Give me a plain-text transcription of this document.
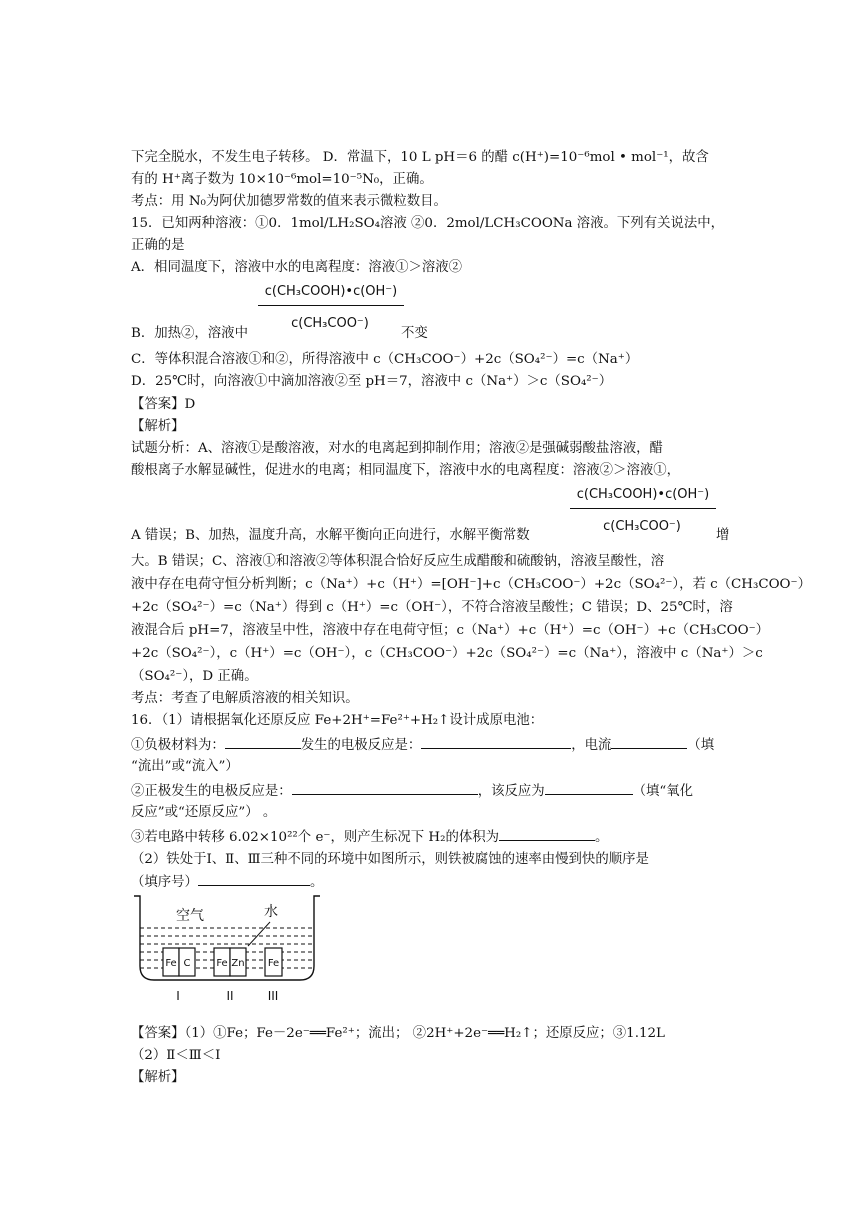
下完全脱水，不发生电子转移。 D．常温下，10 L pH＝6 的醋 c(H⁺)=10⁻⁶mol • mol⁻¹，故含
有的 H⁺离子数为 10×10⁻⁶mol=10⁻⁵N₀，正确。
考点：用 N₀为阿伏加德罗常数的值来表示微粒数目。
15．已知两种溶液：①0．1mol/LH₂SO₄溶液 ②0．2mol/LCH₃COONa 溶液。下列有关说法中，
正确的是
A．相同温度下，溶液中水的电离程度：溶液①＞溶液②
c(CH₃COOH)•c(OH⁻)
c(CH₃COO⁻)
B．加热②，溶液中	不变
C．等体积混合溶液①和②，所得溶液中 c（CH₃COO⁻）+2c（SO₄²⁻）=c（Na⁺）
D．25℃时，向溶液①中滴加溶液②至 pH＝7，溶液中 c（Na⁺）＞c（SO₄²⁻）
【答案】D
【解析】
试题分析：A、溶液①是酸溶液，对水的电离起到抑制作用；溶液②是强碱弱酸盐溶液，醋
酸根离子水解显碱性，促进水的电离；相同温度下，溶液中水的电离程度：溶液②＞溶液①，
c(CH₃COOH)•c(OH⁻)
c(CH₃COO⁻)
A 错误；B、加热，温度升高，水解平衡向正向进行，水解平衡常数	增
大。B 错误；C、溶液①和溶液②等体积混合恰好反应生成醋酸和硫酸钠，溶液呈酸性，溶
液中存在电荷守恒分析判断；c（Na⁺）+c（H⁺）=[OH⁻]+c（CH₃COO⁻）+2c（SO₄²⁻），若 c（CH₃COO⁻）
+2c（SO₄²⁻）=c（Na⁺）得到 c（H⁺）=c（OH⁻），不符合溶液呈酸性；C 错误；D、25℃时，溶
液混合后 pH=7，溶液呈中性，溶液中存在电荷守恒；c（Na⁺）+c（H⁺）=c（OH⁻）+c（CH₃COO⁻）
+2c（SO₄²⁻），c（H⁺）=c（OH⁻），c（CH₃COO⁻）+2c（SO₄²⁻）=c（Na⁺），溶液中 c（Na⁺）＞c
（SO₄²⁻），D 正确。
考点：考查了电解质溶液的相关知识。
16．（1）请根据氧化还原反应 Fe+2H⁺=Fe²⁺+H₂↑设计成原电池：
①负极材料为：	发生的电极反应是：	，电流	（填
“流出”或“流入”）
②正极发生的电极反应是：	，该反应为	（填“氧化
反应”或“还原反应”） 。
③若电路中转移 6.02×10²²个 e⁻，则产生标况下 H₂的体积为	。
（2）铁处于Ⅰ、Ⅱ、Ⅲ三种不同的环境中如图所示，则铁被腐蚀的速率由慢到快的顺序是
（填序号）	。
空气	水
Fe C	Fe Zn Fe
I	II	III
【答案】（1）①Fe；Fe－2e⁻══Fe²⁺；流出； ②2H⁺+2e⁻══H₂↑；还原反应；③1.12L
（2）Ⅱ＜Ⅲ＜Ⅰ
【解析】
